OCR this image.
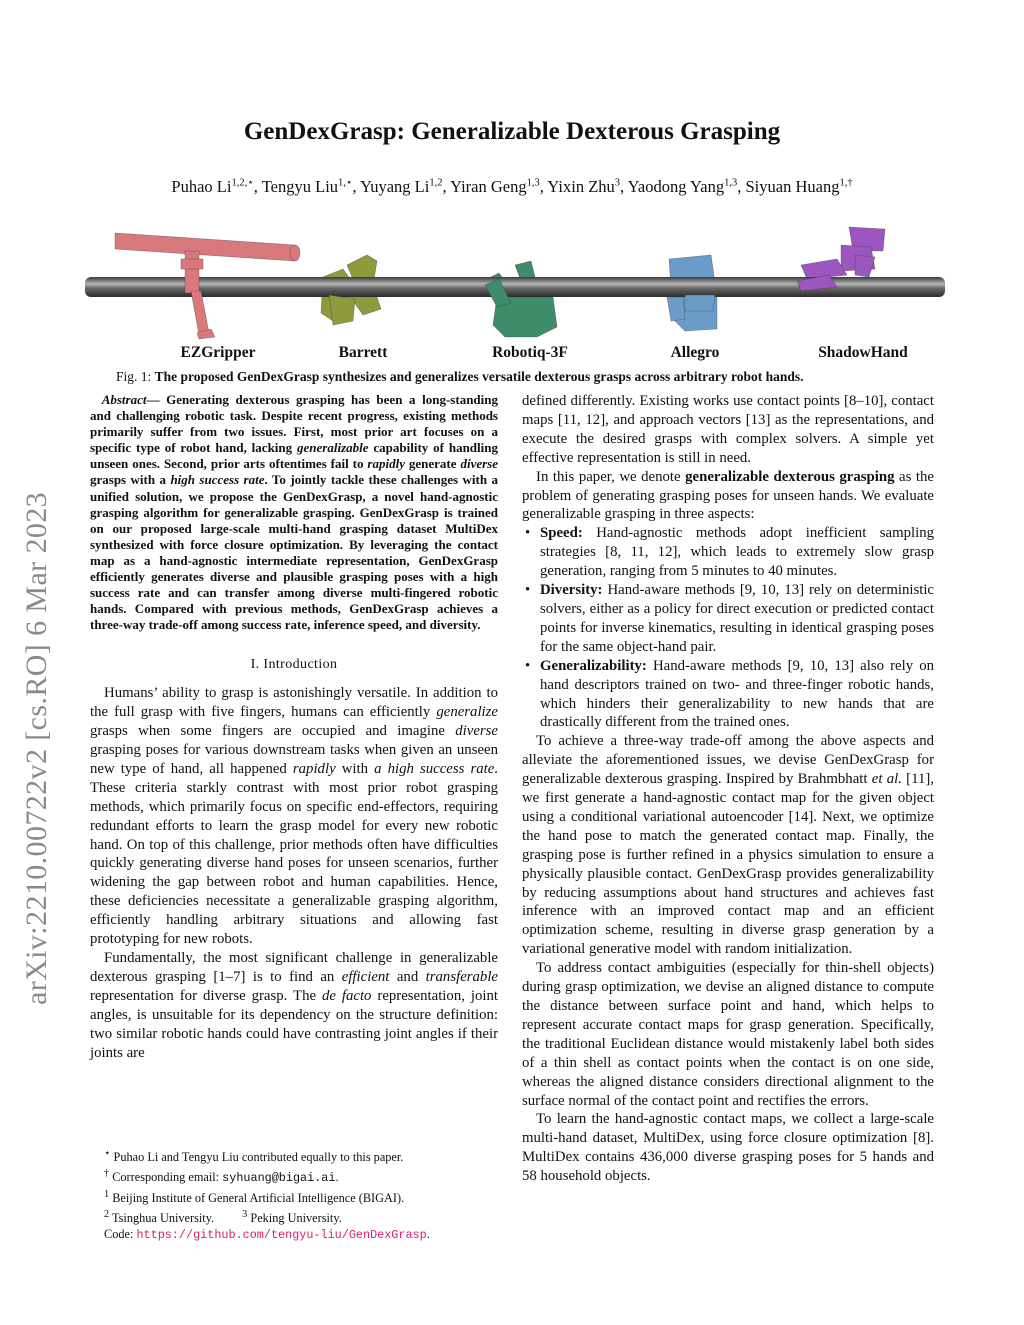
arXiv:2210.00722v2 [cs.RO] 6 Mar 2023
GenDexGrasp: Generalizable Dexterous Grasping
Puhao $Li^{1,2,⋆}$, Tengyu Liu$^{1,⋆}$, Yuyang Li$^{1,2}$, Yiran Geng$^{1,3}$, Yixin Zhu$^3$, Yaodong Yang$^{1,3}$, Siyuan Huang$^{1,\dagger}$
EZGripper	Barrett	Robotiq-3F	Allegro	ShadowHand
Fig. 1: The proposed GenDexGrasp synthesizes and generalizes versatile dexterous grasps across arbitrary robot hands.

Abstract— Generating dexterous grasping has been a long-standing and challenging robotic task. Despite recent progress, existing methods primarily suffer from two issues. First, most prior art focuses on a specific type of robot hand, lacking generalizable capability of handling unseen ones. Second, prior arts oftentimes fail to rapidly generate diverse grasps with a high success rate. To jointly tackle these challenges with a unified solution, we propose the GenDexGrasp, a novel hand-agnostic grasping algorithm for generalizable grasping. GenDexGrasp is trained on our proposed large-scale multi-hand grasping dataset MultiDex synthesized with force closure optimization. By leveraging the contact map as a hand-agnostic intermediate representation, GenDexGrasp efficiently generates diverse and plausible grasping poses with a high success rate and can transfer among diverse multi-fingered robotic hands. Compared with previous methods, GenDexGrasp achieves a three-way trade-off among success rate, inference speed, and diversity.

I. Introduction

Humans’ ability to grasp is astonishingly versatile. In addition to the full grasp with five fingers, humans can efficiently generalize grasps when some fingers are occupied and imagine diverse grasping poses for various downstream tasks when given an unseen new type of hand, all happened rapidly with a high success rate. These criteria starkly contrast with most prior robot grasping methods, which primarily focus on specific end-effectors, requiring redundant efforts to learn the grasp model for every new robotic hand. On top of this challenge, prior methods often have difficulties quickly generating diverse hand poses for unseen scenarios, further widening the gap between robot and human capabilities. Hence, these deficiencies necessitate a generalizable grasping algorithm, efficiently handling arbitrary situations and allowing fast prototyping for new robots.

Fundamentally, the most significant challenge in generalizable dexterous grasping [1–7] is to find an efficient and transferable representation for diverse grasp. The de facto representation, joint angles, is unsuitable for its dependency on the structure definition: two similar robotic hands could have contrasting joint angles if their joints are

⋆ Puhao Li and Tengyu Liu contributed equally to this paper.
† Corresponding email: syhuang@bigai.ai.
$^1$ Beijing Institute of General Artificial Intelligence (BIGAI).
$^2$ Tsinghua University.	$^3$ Peking University.
Code: https://github.com/tengyu-liu/GenDexGrasp.

defined differently. Existing works use contact points [8–10], contact maps [11, 12], and approach vectors [13] as the representations, and execute the desired grasps with complex solvers. A simple yet effective representation is still in need.

In this paper, we denote generalizable dexterous grasping as the problem of generating grasping poses for unseen hands. We evaluate generalizable grasping in three aspects:

• Speed: Hand-agnostic methods adopt inefficient sampling strategies [8, 11, 12], which leads to extremely slow grasp generation, ranging from 5 minutes to 40 minutes.
• Diversity: Hand-aware methods [9, 10, 13] rely on deterministic solvers, either as a policy for direct execution or predicted contact points for inverse kinematics, resulting in identical grasping poses for the same object-hand pair.
• Generalizability: Hand-aware methods [9, 10, 13] also rely on hand descriptors trained on two- and three-finger robotic hands, which hinders their generalizability to new hands that are drastically different from the trained ones.

To achieve a three-way trade-off among the above aspects and alleviate the aforementioned issues, we devise GenDexGrasp for generalizable dexterous grasping. Inspired by Brahmbhatt et al. [11], we first generate a hand-agnostic contact map for the given object using a conditional variational autoencoder [14]. Next, we optimize the hand pose to match the generated contact map. Finally, the grasping pose is further refined in a physics simulation to ensure a physically plausible contact. GenDexGrasp provides generalizability by reducing assumptions about hand structures and achieves fast inference with an improved contact map and an efficient optimization scheme, resulting in diverse grasp generation by a variational generative model with random initialization.

To address contact ambiguities (especially for thin-shell objects) during grasp optimization, we devise an aligned distance to compute the distance between surface point and hand, which helps to represent accurate contact maps for grasp generation. Specifically, the traditional Euclidean distance would mistakenly label both sides of a thin shell as contact points when the contact is on one side, whereas the aligned distance considers directional alignment to the surface normal of the contact point and rectifies the errors.

To learn the hand-agnostic contact maps, we collect a large-scale multi-hand dataset, MultiDex, using force closure optimization [8]. MultiDex contains 436,000 diverse grasping poses for 5 hands and 58 household objects.
